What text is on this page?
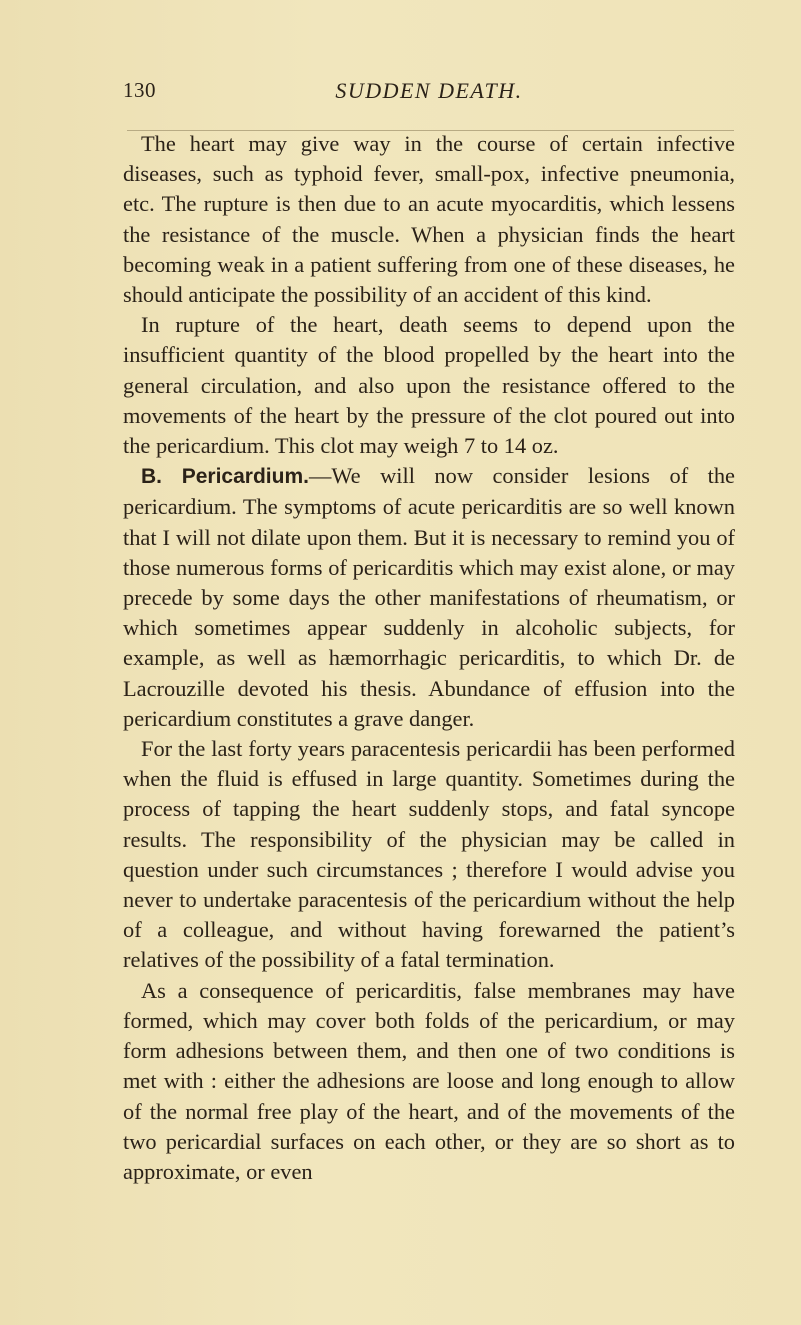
130	SUDDEN DEATH.

The heart may give way in the course of certain infective diseases, such as typhoid fever, small-pox, infective pneumonia, etc. The rupture is then due to an acute myocarditis, which lessens the resistance of the muscle. When a physician finds the heart becoming weak in a patient suffering from one of these diseases, he should anticipate the possibility of an accident of this kind.

In rupture of the heart, death seems to depend upon the insufficient quantity of the blood propelled by the heart into the general circulation, and also upon the resistance offered to the movements of the heart by the pressure of the clot poured out into the pericardium. This clot may weigh 7 to 14 oz.

B. Pericardium.—We will now consider lesions of the pericardium. The symptoms of acute pericarditis are so well known that I will not dilate upon them. But it is necessary to remind you of those numerous forms of pericarditis which may exist alone, or may precede by some days the other manifestations of rheumatism, or which sometimes appear suddenly in alcoholic subjects, for example, as well as hæmorrhagic pericarditis, to which Dr. de Lacrouzille devoted his thesis. Abundance of effusion into the pericardium constitutes a grave danger.

For the last forty years paracentesis pericardii has been performed when the fluid is effused in large quantity. Sometimes during the process of tapping the heart suddenly stops, and fatal syncope results. The responsibility of the physician may be called in question under such circumstances ; therefore I would advise you never to undertake paracentesis of the pericardium without the help of a colleague, and without having forewarned the patient’s relatives of the possibility of a fatal termination.

As a consequence of pericarditis, false membranes may have formed, which may cover both folds of the pericardium, or may form adhesions between them, and then one of two conditions is met with : either the adhesions are loose and long enough to allow of the normal free play of the heart, and of the movements of the two pericardial surfaces on each other, or they are so short as to approximate, or even
